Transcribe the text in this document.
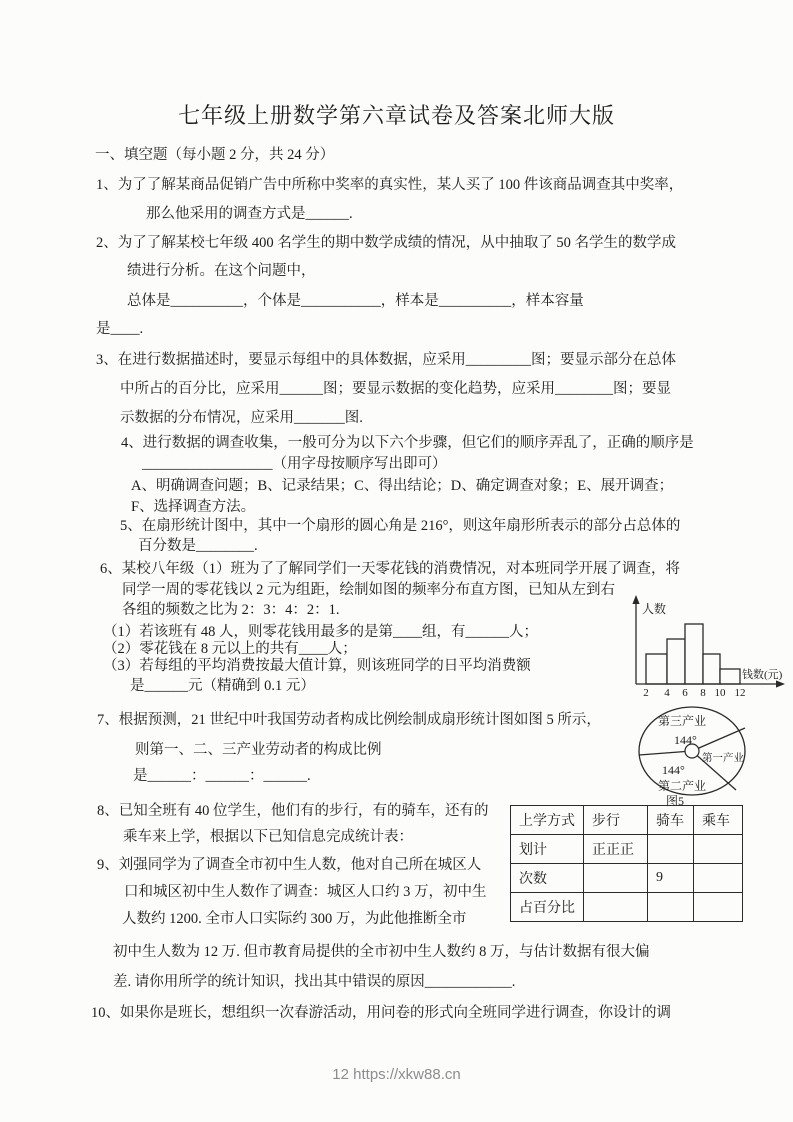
七年级上册数学第六章试卷及答案北师大版
一、填空题（每小题 2 分，共 24 分）
1、为了了解某商品促销广告中所称中奖率的真实性，某人买了 100 件该商品调查其中奖率，
那么他采用的调查方式是______.
2、为了了解某校七年级 400 名学生的期中数学成绩的情况，从中抽取了 50 名学生的数学成
绩进行分析。在这个问题中，
总体是__________，个体是___________，样本是__________，样本容量
是____.
3、在进行数据描述时，要显示每组中的具体数据，应采用_________图；要显示部分在总体
中所占的百分比，应采用______图；要显示数据的变化趋势，应采用________图；要显
示数据的分布情况，应采用_______图.
4、进行数据的调查收集，一般可分为以下六个步骤，但它们的顺序弄乱了，正确的顺序是
__________________（用字母按顺序写出即可）
A、明确调查问题；B、记录结果；C、得出结论；D、确定调查对象；E、展开调查；
F、选择调查方法。
5、在扇形统计图中，其中一个扇形的圆心角是 216°，则这年扇形所表示的部分占总体的
百分数是________.
6、某校八年级（1）班为了了解同学们一天零花钱的消费情况，对本班同学开展了调查，将
同学一周的零花钱以 2 元为组距，绘制如图的频率分布直方图，已知从左到右
各组的频数之比为 2：3：4：2：1.
（1）若该班有 48 人，则零花钱用最多的是第____组，有______人；
（2）零花钱在 8 元以上的共有____人；
（3）若每组的平均消费按最大值计算，则该班同学的日平均消费额
是______元（精确到 0.1 元）
7、根据预测，21 世纪中叶我国劳动者构成比例绘制成扇形统计图如图 5 所示，
则第一、二、三产业劳动者的构成比例
是______：______：______.
8、已知全班有 40 位学生，他们有的步行，有的骑车，还有的
乘车来上学，根据以下已知信息完成统计表：
9、刘强同学为了调查全市初中生人数，他对自己所在城区人
口和城区初中生人数作了调查：城区人口约 3 万，初中生
人数约 1200. 全市人口实际约 300 万，为此他推断全市
初中生人数为 12 万. 但市教育局提供的全市初中生人数约 8 万，与估计数据有很大偏
差. 请你用所学的统计知识，找出其中错误的原因____________.
10、如果你是班长，想组织一次春游活动，用问卷的形式向全班同学进行调查，你设计的调
人数
钱数(元)
2 4 6 8 10 12
第三产业
144°
第一产业
144°
第二产业
图5
上学方式	步行	骑车	乘车
划计	正正正		
次数		9	
占百分比			
12 https://xkw88.cn
